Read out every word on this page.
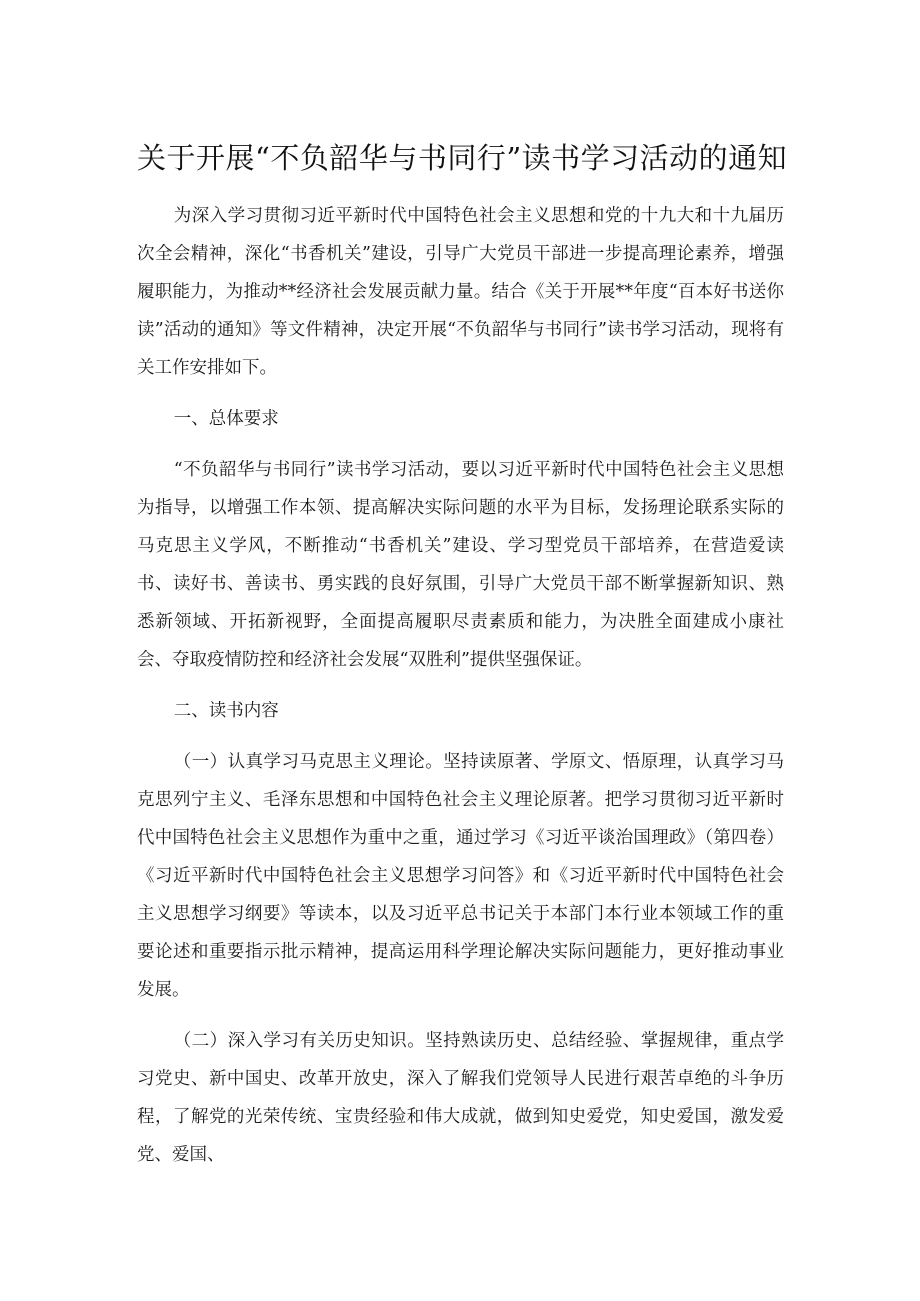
关于开展“不负韶华与书同行”读书学习活动的通知

为深入学习贯彻习近平新时代中国特色社会主义思想和党的十九大和十九届历次全会精神，深化“书香机关”建设，引导广大党员干部进一步提高理论素养，增强履职能力，为推动**经济社会发展贡献力量。结合《关于开展**年度“百本好书送你读”活动的通知》等文件精神，决定开展“不负韶华与书同行”读书学习活动，现将有关工作安排如下。

一、总体要求

“不负韶华与书同行”读书学习活动，要以习近平新时代中国特色社会主义思想为指导，以增强工作本领、提高解决实际问题的水平为目标，发扬理论联系实际的马克思主义学风，不断推动“书香机关”建设、学习型党员干部培养，在营造爱读书、读好书、善读书、勇实践的良好氛围，引导广大党员干部不断掌握新知识、熟悉新领域、开拓新视野，全面提高履职尽责素质和能力，为决胜全面建成小康社会、夺取疫情防控和经济社会发展“双胜利”提供坚强保证。

二、读书内容

（一）认真学习马克思主义理论。坚持读原著、学原文、悟原理，认真学习马克思列宁主义、毛泽东思想和中国特色社会主义理论原著。把学习贯彻习近平新时代中国特色社会主义思想作为重中之重，通过学习《习近平谈治国理政》（第四卷）《习近平新时代中国特色社会主义思想学习问答》和《习近平新时代中国特色社会主义思想学习纲要》等读本，以及习近平总书记关于本部门本行业本领域工作的重要论述和重要指示批示精神，提高运用科学理论解决实际问题能力，更好推动事业发展。

（二）深入学习有关历史知识。坚持熟读历史、总结经验、掌握规律，重点学习党史、新中国史、改革开放史，深入了解我们党领导人民进行艰苦卓绝的斗争历程，了解党的光荣传统、宝贵经验和伟大成就，做到知史爱党，知史爱国，激发爱党、爱国、
